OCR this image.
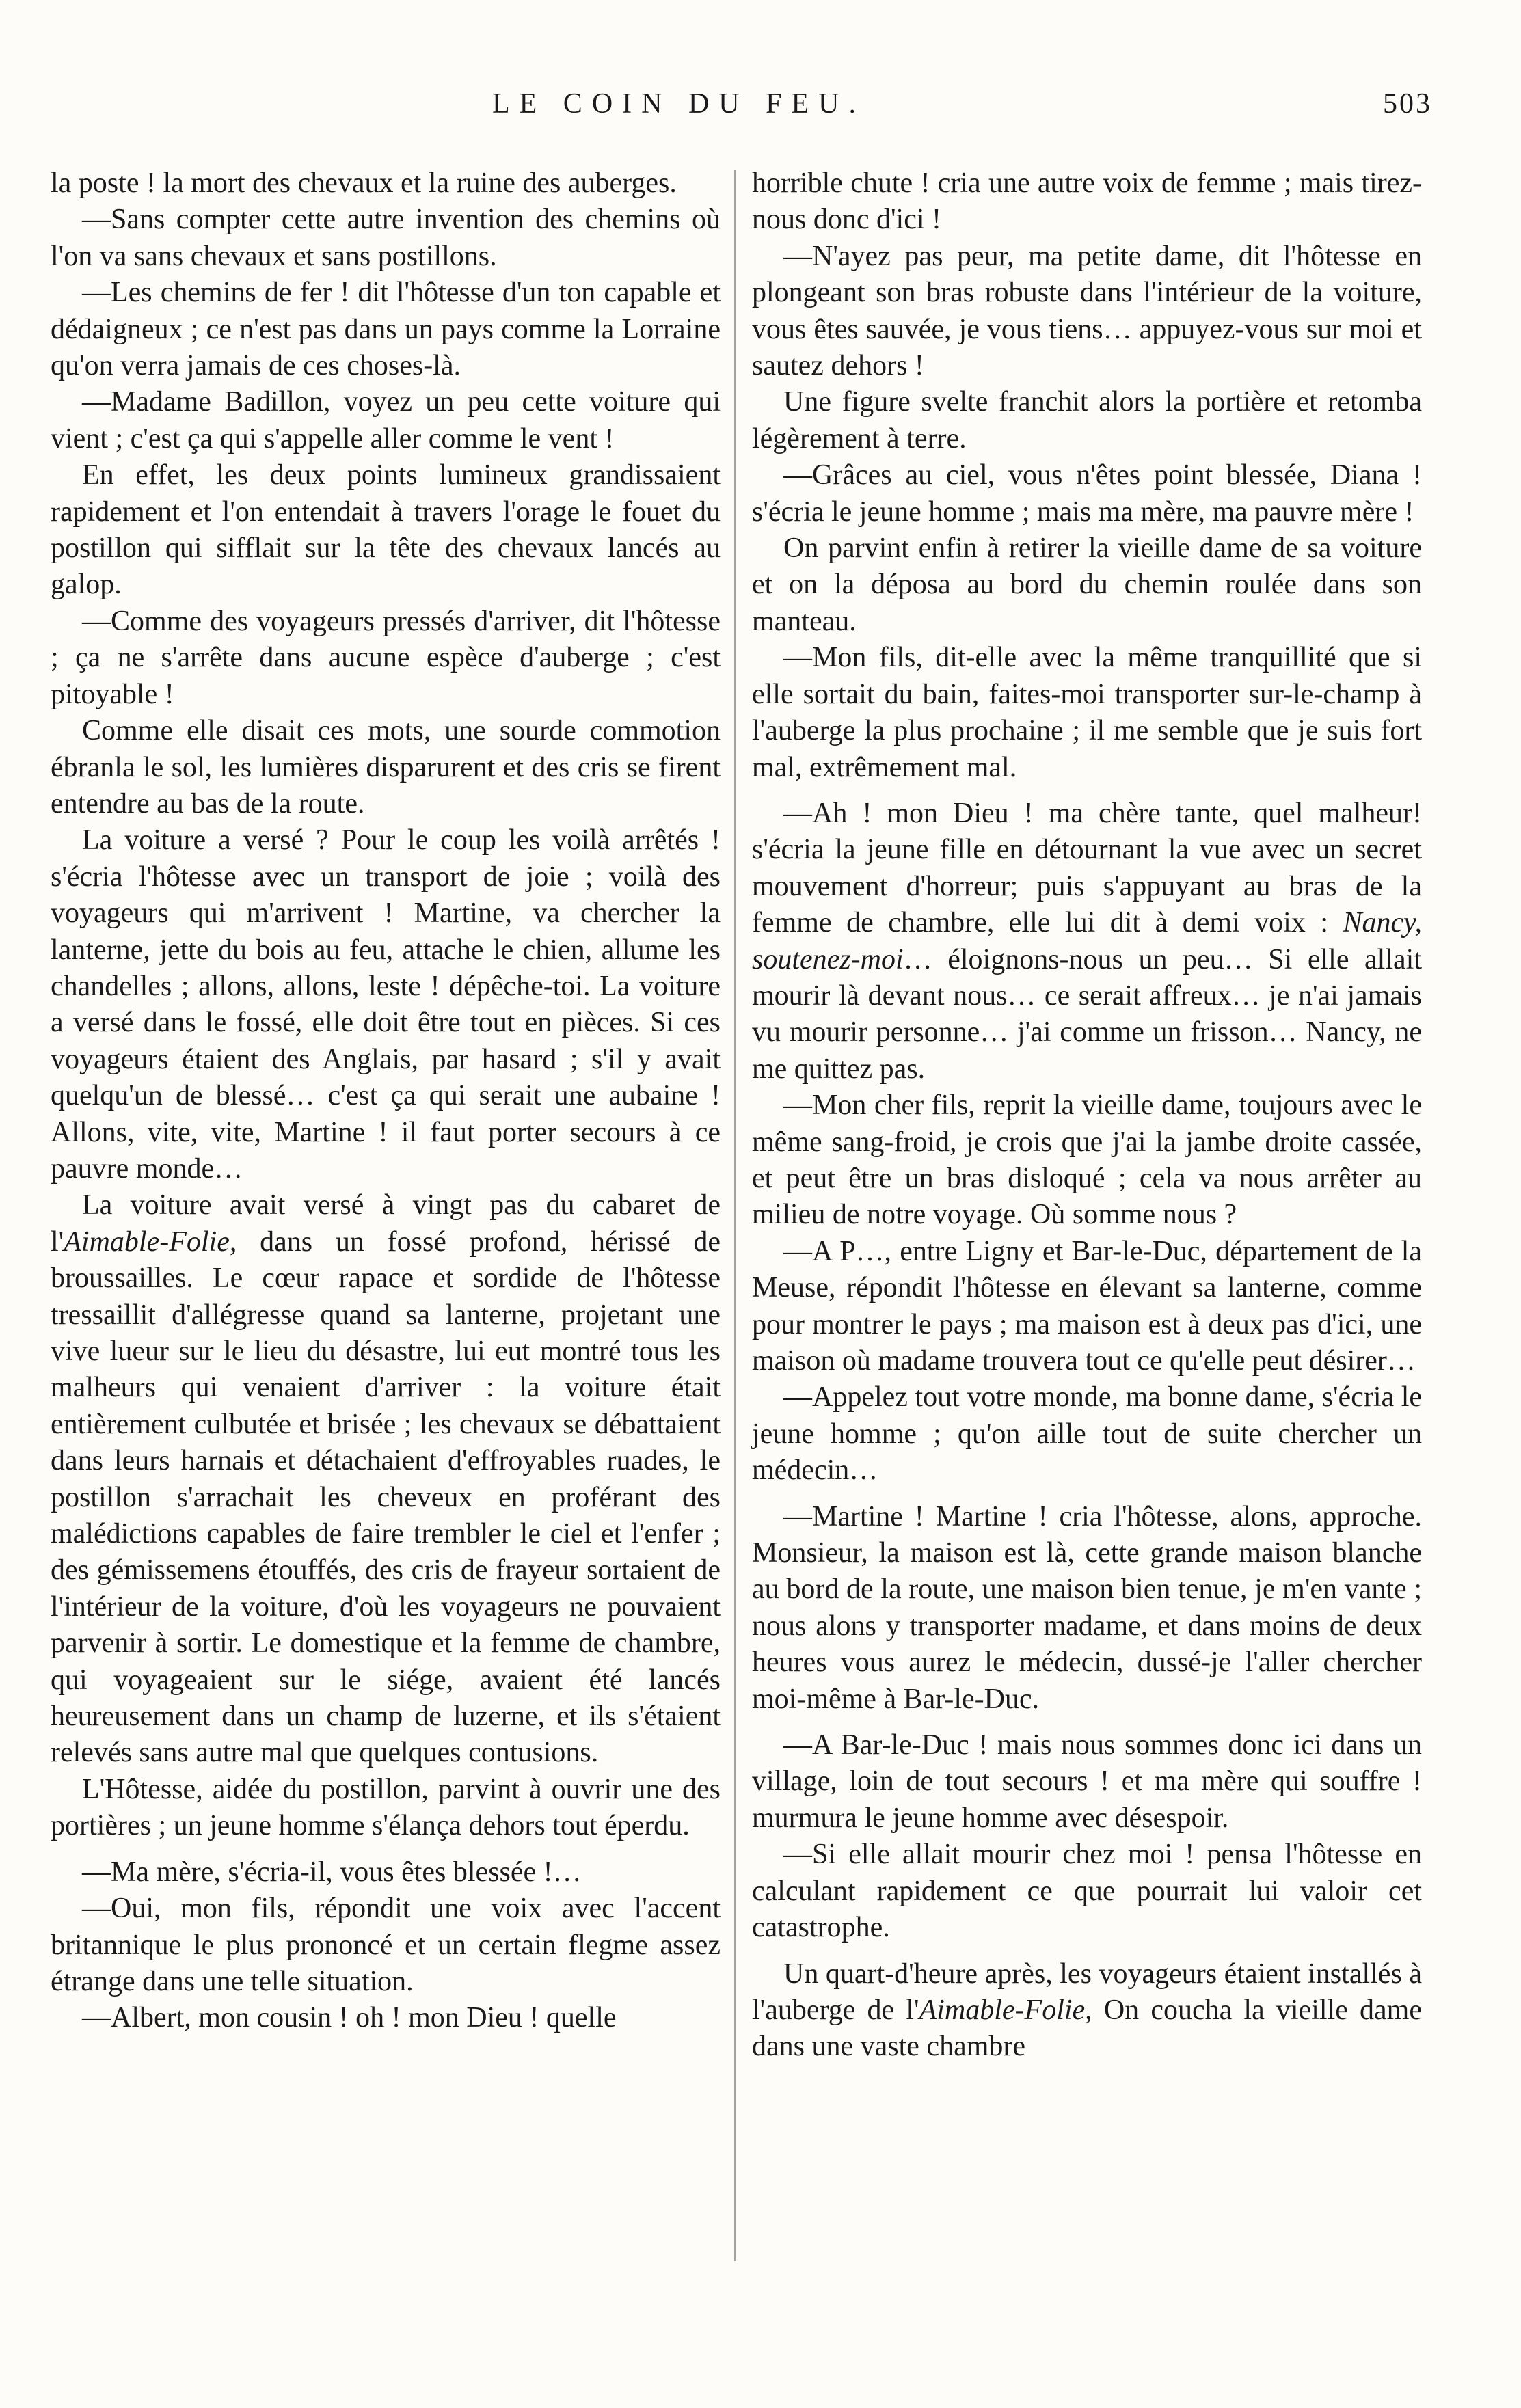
LE COIN DU FEU.	503

la poste ! la mort des chevaux et la ruine des auberges.

—Sans compter cette autre invention des chemins où l'on va sans chevaux et sans postillons.

—Les chemins de fer ! dit l'hôtesse d'un ton capable et dédaigneux ; ce n'est pas dans un pays comme la Lorraine qu'on verra jamais de ces choses-là.

—Madame Badillon, voyez un peu cette voiture qui vient ; c'est ça qui s'appelle aller comme le vent !

En effet, les deux points lumineux grandissaient rapidement et l'on entendait à travers l'orage le fouet du postillon qui sifflait sur la tête des chevaux lancés au galop.

—Comme des voyageurs pressés d'arriver, dit l'hôtesse ; ça ne s'arrête dans aucune espèce d'auberge ; c'est pitoyable !

Comme elle disait ces mots, une sourde commotion ébranla le sol, les lumières disparurent et des cris se firent entendre au bas de la route.

La voiture a versé ? Pour le coup les voilà arrêtés ! s'écria l'hôtesse avec un transport de joie ; voilà des voyageurs qui m'arrivent ! Martine, va chercher la lanterne, jette du bois au feu, attache le chien, allume les chandelles ; allons, allons, leste ! dépêche-toi. La voiture a versé dans le fossé, elle doit être tout en pièces. Si ces voyageurs étaient des Anglais, par hasard ; s'il y avait quelqu'un de blessé… c'est ça qui serait une aubaine ! Allons, vite, vite, Martine ! il faut porter secours à ce pauvre monde…

La voiture avait versé à vingt pas du cabaret de l'Aimable-Folie, dans un fossé profond, hérissé de broussailles. Le cœur rapace et sordide de l'hôtesse tressaillit d'allégresse quand sa lanterne, projetant une vive lueur sur le lieu du désastre, lui eut montré tous les malheurs qui venaient d'arriver : la voiture était entièrement culbutée et brisée ; les chevaux se débattaient dans leurs harnais et détachaient d'effroyables ruades, le postillon s'arrachait les cheveux en proférant des malédictions capables de faire trembler le ciel et l'enfer ; des gémissemens étouffés, des cris de frayeur sortaient de l'intérieur de la voiture, d'où les voyageurs ne pouvaient parvenir à sortir. Le domestique et la femme de chambre, qui voyageaient sur le siége, avaient été lancés heureusement dans un champ de luzerne, et ils s'étaient relevés sans autre mal que quelques contusions.

L'Hôtesse, aidée du postillon, parvint à ouvrir une des portières ; un jeune homme s'élança dehors tout éperdu.

—Ma mère, s'écria-il, vous êtes blessée !…

—Oui, mon fils, répondit une voix avec l'accent britannique le plus prononcé et un certain flegme assez étrange dans une telle situation.

—Albert, mon cousin ! oh ! mon Dieu ! quelle

horrible chute ! cria une autre voix de femme ; mais tirez-nous donc d'ici !

—N'ayez pas peur, ma petite dame, dit l'hôtesse en plongeant son bras robuste dans l'intérieur de la voiture, vous êtes sauvée, je vous tiens… appuyez-vous sur moi et sautez dehors !

Une figure svelte franchit alors la portière et retomba légèrement à terre.

—Grâces au ciel, vous n'êtes point blessée, Diana ! s'écria le jeune homme ; mais ma mère, ma pauvre mère !

On parvint enfin à retirer la vieille dame de sa voiture et on la déposa au bord du chemin roulée dans son manteau.

—Mon fils, dit-elle avec la même tranquillité que si elle sortait du bain, faites-moi transporter sur-le-champ à l'auberge la plus prochaine ; il me semble que je suis fort mal, extrêmement mal.

—Ah ! mon Dieu ! ma chère tante, quel malheur! s'écria la jeune fille en détournant la vue avec un secret mouvement d'horreur; puis s'appuyant au bras de la femme de chambre, elle lui dit à demi voix : Nancy, soutenez-moi… éloignons-nous un peu… Si elle allait mourir là devant nous… ce serait affreux… je n'ai jamais vu mourir personne… j'ai comme un frisson… Nancy, ne me quittez pas.

—Mon cher fils, reprit la vieille dame, toujours avec le même sang-froid, je crois que j'ai la jambe droite cassée, et peut être un bras disloqué ; cela va nous arrêter au milieu de notre voyage. Où somme nous ?

—A P…, entre Ligny et Bar-le-Duc, département de la Meuse, répondit l'hôtesse en élevant sa lanterne, comme pour montrer le pays ; ma maison est à deux pas d'ici, une maison où madame trouvera tout ce qu'elle peut désirer…

—Appelez tout votre monde, ma bonne dame, s'écria le jeune homme ; qu'on aille tout de suite chercher un médecin…

—Martine ! Martine ! cria l'hôtesse, alons, approche. Monsieur, la maison est là, cette grande maison blanche au bord de la route, une maison bien tenue, je m'en vante ; nous alons y transporter madame, et dans moins de deux heures vous aurez le médecin, dussé-je l'aller chercher moi-même à Bar-le-Duc.

—A Bar-le-Duc ! mais nous sommes donc ici dans un village, loin de tout secours ! et ma mère qui souffre ! murmura le jeune homme avec désespoir.

—Si elle allait mourir chez moi ! pensa l'hôtesse en calculant rapidement ce que pourrait lui valoir cet catastrophe.

Un quart-d'heure après, les voyageurs étaient installés à l'auberge de l'Aimable-Folie, On coucha la vieille dame dans une vaste chambre
